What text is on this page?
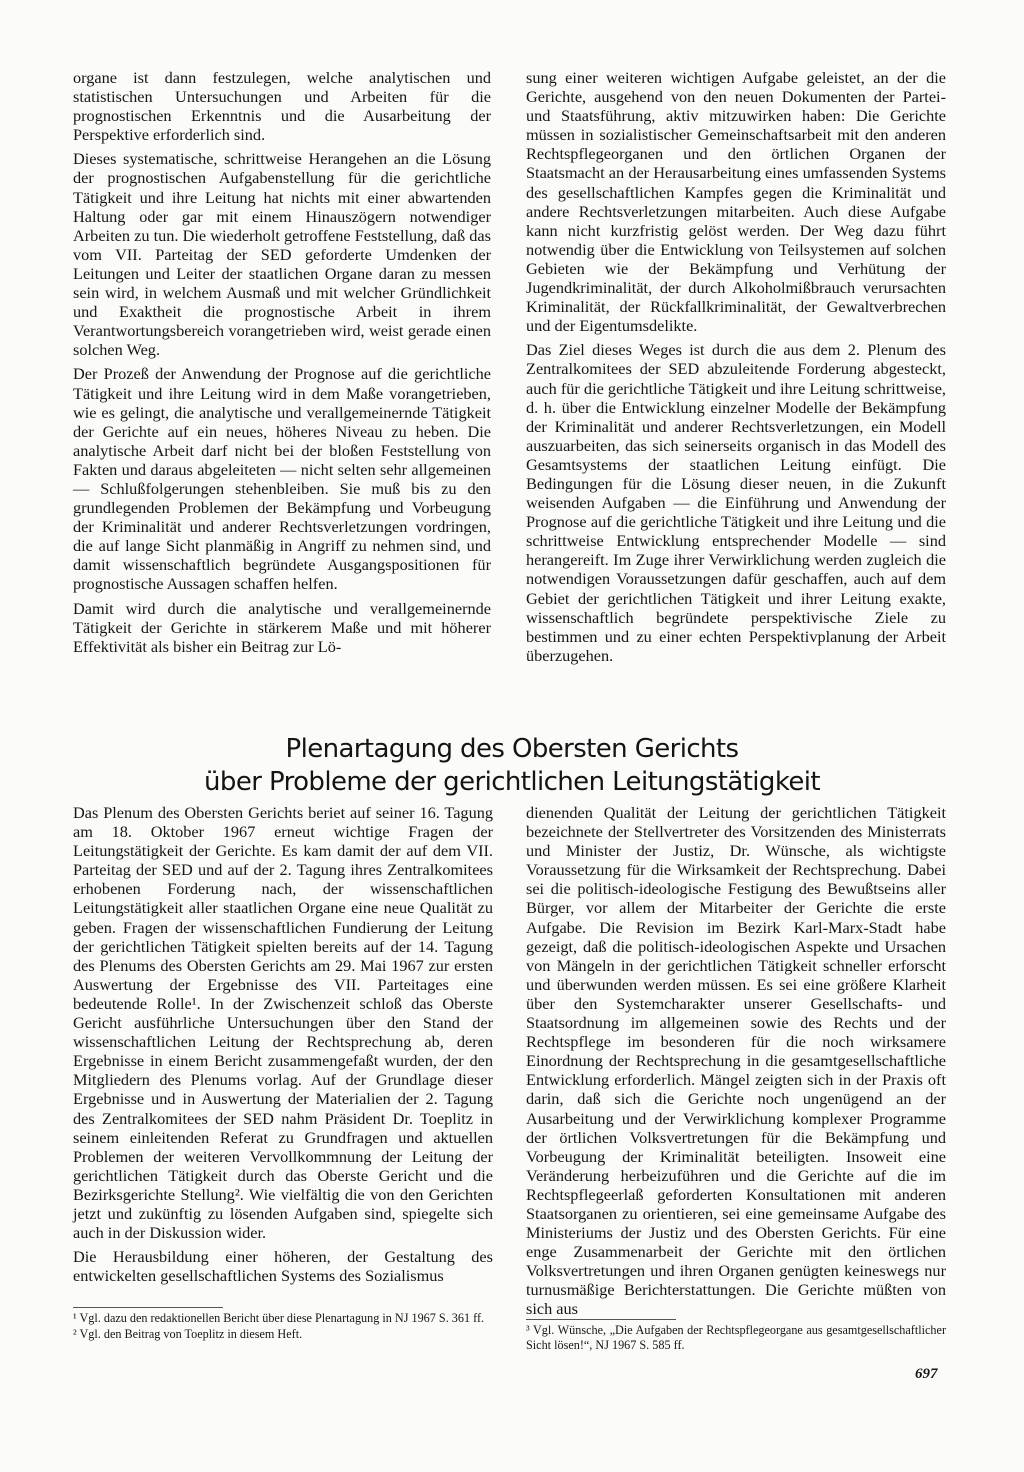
organe ist dann festzulegen, welche analytischen und statistischen Untersuchungen und Arbeiten für die prognostischen Erkenntnis und die Ausarbeitung der Perspektive erforderlich sind.

Dieses systematische, schrittweise Herangehen an die Lösung der prognostischen Aufgabenstellung für die gerichtliche Tätigkeit und ihre Leitung hat nichts mit einer abwartenden Haltung oder gar mit einem Hinauszögern notwendiger Arbeiten zu tun. Die wiederholt getroffene Feststellung, daß das vom VII. Parteitag der SED geforderte Umdenken der Leitungen und Leiter der staatlichen Organe daran zu messen sein wird, in welchem Ausmaß und mit welcher Gründlichkeit und Exaktheit die prognostische Arbeit in ihrem Verantwortungsbereich vorangetrieben wird, weist gerade einen solchen Weg.

Der Prozeß der Anwendung der Prognose auf die gerichtliche Tätigkeit und ihre Leitung wird in dem Maße vorangetrieben, wie es gelingt, die analytische und verallgemeinernde Tätigkeit der Gerichte auf ein neues, höheres Niveau zu heben. Die analytische Arbeit darf nicht bei der bloßen Feststellung von Fakten und daraus abgeleiteten — nicht selten sehr allgemeinen — Schlußfolgerungen stehenbleiben. Sie muß bis zu den grundlegenden Problemen der Bekämpfung und Vorbeugung der Kriminalität und anderer Rechtsverletzungen vordringen, die auf lange Sicht planmäßig in Angriff zu nehmen sind, und damit wissenschaftlich begründete Ausgangspositionen für prognostische Aussagen schaffen helfen.

Damit wird durch die analytische und verallgemeinernde Tätigkeit der Gerichte in stärkerem Maße und mit höherer Effektivität als bisher ein Beitrag zur Lö-

sung einer weiteren wichtigen Aufgabe geleistet, an der die Gerichte, ausgehend von den neuen Dokumenten der Partei- und Staatsführung, aktiv mitzuwirken haben: Die Gerichte müssen in sozialistischer Gemeinschaftsarbeit mit den anderen Rechtspflegeorganen und den örtlichen Organen der Staatsmacht an der Herausarbeitung eines umfassenden Systems des gesellschaftlichen Kampfes gegen die Kriminalität und andere Rechtsverletzungen mitarbeiten. Auch diese Aufgabe kann nicht kurzfristig gelöst werden. Der Weg dazu führt notwendig über die Entwicklung von Teilsystemen auf solchen Gebieten wie der Bekämpfung und Verhütung der Jugendkriminalität, der durch Alkoholmißbrauch verursachten Kriminalität, der Rückfallkriminalität, der Gewaltverbrechen und der Eigentumsdelikte.

Das Ziel dieses Weges ist durch die aus dem 2. Plenum des Zentralkomitees der SED abzuleitende Forderung abgesteckt, auch für die gerichtliche Tätigkeit und ihre Leitung schrittweise, d. h. über die Entwicklung einzelner Modelle der Bekämpfung der Kriminalität und anderer Rechtsverletzungen, ein Modell auszuarbeiten, das sich seinerseits organisch in das Modell des Gesamtsystems der staatlichen Leitung einfügt. Die Bedingungen für die Lösung dieser neuen, in die Zukunft weisenden Aufgaben — die Einführung und Anwendung der Prognose auf die gerichtliche Tätigkeit und ihre Leitung und die schrittweise Entwicklung entsprechender Modelle — sind herangereift. Im Zuge ihrer Verwirklichung werden zugleich die notwendigen Voraussetzungen dafür geschaffen, auch auf dem Gebiet der gerichtlichen Tätigkeit und ihrer Leitung exakte, wissenschaftlich begründete perspektivische Ziele zu bestimmen und zu einer echten Perspektivplanung der Arbeit überzugehen.

Plenartagung des Obersten Gerichts
über Probleme der gerichtlichen Leitungstätigkeit

Das Plenum des Obersten Gerichts beriet auf seiner 16. Tagung am 18. Oktober 1967 erneut wichtige Fragen der Leitungstätigkeit der Gerichte. Es kam damit der auf dem VII. Parteitag der SED und auf der 2. Tagung ihres Zentralkomitees erhobenen Forderung nach, der wissenschaftlichen Leitungstätigkeit aller staatlichen Organe eine neue Qualität zu geben. Fragen der wissenschaftlichen Fundierung der Leitung der gerichtlichen Tätigkeit spielten bereits auf der 14. Tagung des Plenums des Obersten Gerichts am 29. Mai 1967 zur ersten Auswertung der Ergebnisse des VII. Parteitages eine bedeutende Rolle¹. In der Zwischenzeit schloß das Oberste Gericht ausführliche Untersuchungen über den Stand der wissenschaftlichen Leitung der Rechtsprechung ab, deren Ergebnisse in einem Bericht zusammengefaßt wurden, der den Mitgliedern des Plenums vorlag. Auf der Grundlage dieser Ergebnisse und in Auswertung der Materialien der 2. Tagung des Zentralkomitees der SED nahm Präsident Dr. Toeplitz in seinem einleitenden Referat zu Grundfragen und aktuellen Problemen der weiteren Vervollkommnung der Leitung der gerichtlichen Tätigkeit durch das Oberste Gericht und die Bezirksgerichte Stellung². Wie vielfältig die von den Gerichten jetzt und zukünftig zu lösenden Aufgaben sind, spiegelte sich auch in der Diskussion wider.

Die Herausbildung einer höheren, der Gestaltung des entwickelten gesellschaftlichen Systems des Sozialismus

dienenden Qualität der Leitung der gerichtlichen Tätigkeit bezeichnete der Stellvertreter des Vorsitzenden des Ministerrats und Minister der Justiz, Dr. Wünsche, als wichtigste Voraussetzung für die Wirksamkeit der Rechtsprechung. Dabei sei die politisch-ideologische Festigung des Bewußtseins aller Bürger, vor allem der Mitarbeiter der Gerichte die erste Aufgabe. Die Revision im Bezirk Karl-Marx-Stadt habe gezeigt, daß die politisch-ideologischen Aspekte und Ursachen von Mängeln in der gerichtlichen Tätigkeit schneller erforscht und überwunden werden müssen. Es sei eine größere Klarheit über den Systemcharakter unserer Gesellschafts- und Staatsordnung im allgemeinen sowie des Rechts und der Rechtspflege im besonderen für die noch wirksamere Einordnung der Rechtsprechung in die gesamtgesellschaftliche Entwicklung erforderlich. Mängel zeigten sich in der Praxis oft darin, daß sich die Gerichte noch ungenügend an der Ausarbeitung und der Verwirklichung komplexer Programme der örtlichen Volksvertretungen für die Bekämpfung und Vorbeugung der Kriminalität beteiligten. Insoweit eine Veränderung herbeizuführen und die Gerichte auf die im Rechtspflegeerlaß geforderten Konsultationen mit anderen Staatsorganen zu orientieren, sei eine gemeinsame Aufgabe des Ministeriums der Justiz und des Obersten Gerichts. Für eine enge Zusammenarbeit der Gerichte mit den örtlichen Volksvertretungen und ihren Organen genügten keineswegs nur turnusmäßige Berichterstattungen. Die Gerichte müßten von sich aus

¹ Vgl. dazu den redaktionellen Bericht über diese Plenartagung in NJ 1967 S. 361 ff.

² Vgl. den Beitrag von Toeplitz in diesem Heft.	³ Vgl. Wünsche, „Die Aufgaben der Rechtspflegeorgane aus gesamtgesellschaftlicher Sicht lösen!“, NJ 1967 S. 585 ff.

697
